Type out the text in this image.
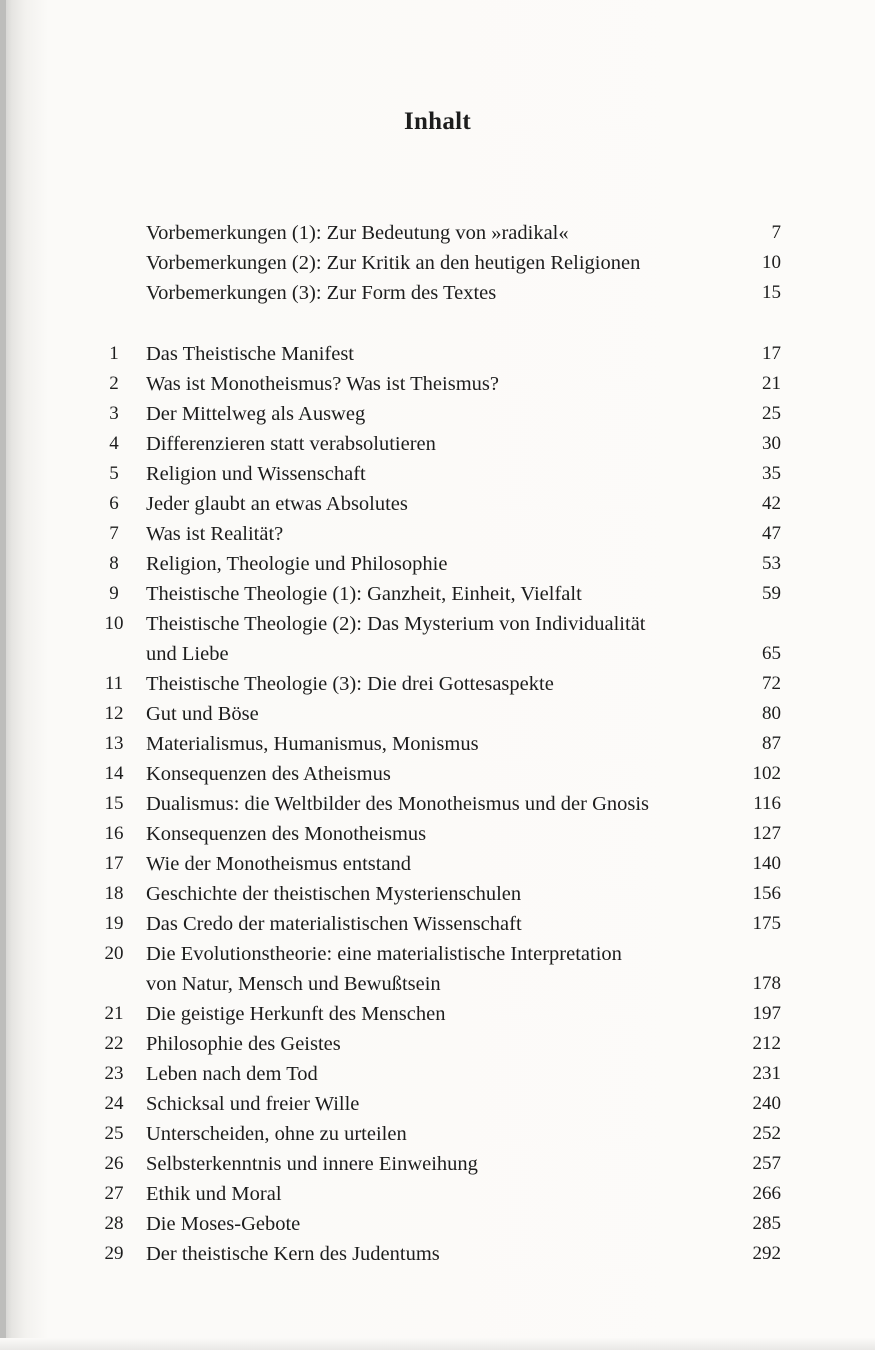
Inhalt
Vorbemerkungen (1): Zur Bedeutung von »radikal«	7
Vorbemerkungen (2): Zur Kritik an den heutigen Religionen	10
Vorbemerkungen (3): Zur Form des Textes	15
1	Das Theistische Manifest	17
2	Was ist Monotheismus? Was ist Theismus?	21
3	Der Mittelweg als Ausweg	25
4	Differenzieren statt verabsolutieren	30
5	Religion und Wissenschaft	35
6	Jeder glaubt an etwas Absolutes	42
7	Was ist Realität?	47
8	Religion, Theologie und Philosophie	53
9	Theistische Theologie (1): Ganzheit, Einheit, Vielfalt	59
10 Theistische Theologie (2): Das Mysterium von Individualität
und Liebe	65
11 Theistische Theologie (3): Die drei Gottesaspekte	72
12 Gut und Böse	80
13 Materialismus, Humanismus, Monismus	87
14 Konsequenzen des Atheismus	102
15 Dualismus: die Weltbilder des Monotheismus und der Gnosis	116
16 Konsequenzen des Monotheismus	127
17 Wie der Monotheismus entstand	140
18 Geschichte der theistischen Mysterienschulen	156
19 Das Credo der materialistischen Wissenschaft	175
20 Die Evolutionstheorie: eine materialistische Interpretation
von Natur, Mensch und Bewußtsein	178
21 Die geistige Herkunft des Menschen	197
22 Philosophie des Geistes	212
23 Leben nach dem Tod	231
24 Schicksal und freier Wille	240
25 Unterscheiden, ohne zu urteilen	252
26 Selbsterkenntnis und innere Einweihung	257
27 Ethik und Moral	266
28 Die Moses-Gebote	285
29 Der theistische Kern des Judentums	292
